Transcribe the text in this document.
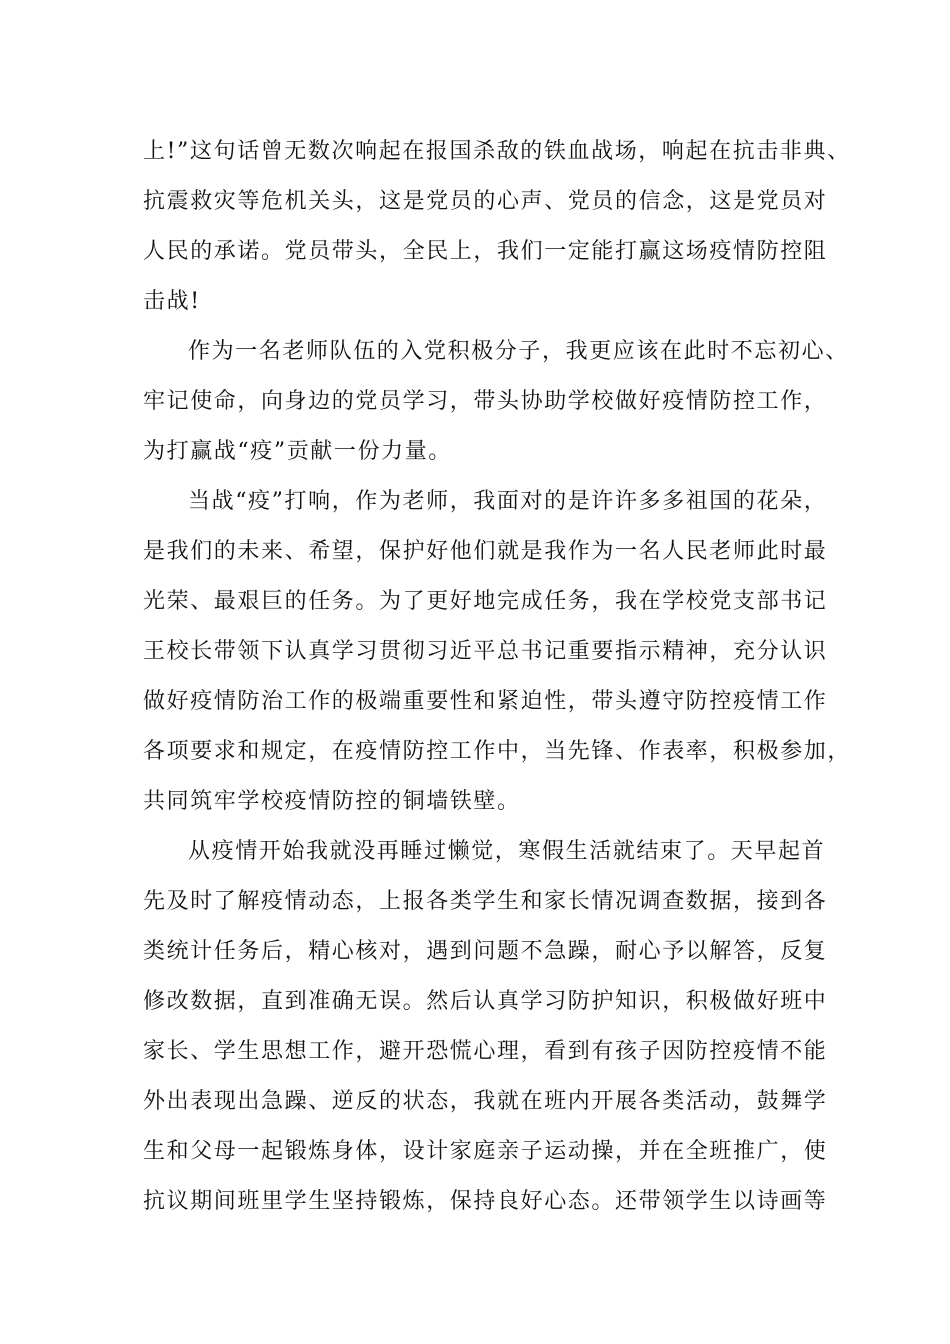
上!”这句话曾无数次响起在报国杀敌的铁血战场，响起在抗击非典、
抗震救灾等危机关头，这是党员的心声、党员的信念，这是党员对
人民的承诺。党员带头，全民上，我们一定能打赢这场疫情防控阻
击战!
作为一名老师队伍的入党积极分子，我更应该在此时不忘初心、
牢记使命，向身边的党员学习，带头协助学校做好疫情防控工作，
为打赢战“疫”贡献一份力量。
当战“疫”打响，作为老师，我面对的是许许多多祖国的花朵，
是我们的未来、希望，保护好他们就是我作为一名人民老师此时最
光荣、最艰巨的任务。为了更好地完成任务，我在学校党支部书记
王校长带领下认真学习贯彻习近平总书记重要指示精神，充分认识
做好疫情防治工作的极端重要性和紧迫性，带头遵守防控疫情工作
各项要求和规定，在疫情防控工作中，当先锋、作表率，积极参加，
共同筑牢学校疫情防控的铜墙铁壁。
从疫情开始我就没再睡过懒觉，寒假生活就结束了。天早起首
先及时了解疫情动态，上报各类学生和家长情况调查数据，接到各
类统计任务后，精心核对，遇到问题不急躁，耐心予以解答，反复
修改数据，直到准确无误。然后认真学习防护知识，积极做好班中
家长、学生思想工作，避开恐慌心理，看到有孩子因防控疫情不能
外出表现出急躁、逆反的状态，我就在班内开展各类活动，鼓舞学
生和父母一起锻炼身体，设计家庭亲子运动操，并在全班推广，使
抗议期间班里学生坚持锻炼，保持良好心态。还带领学生以诗画等
